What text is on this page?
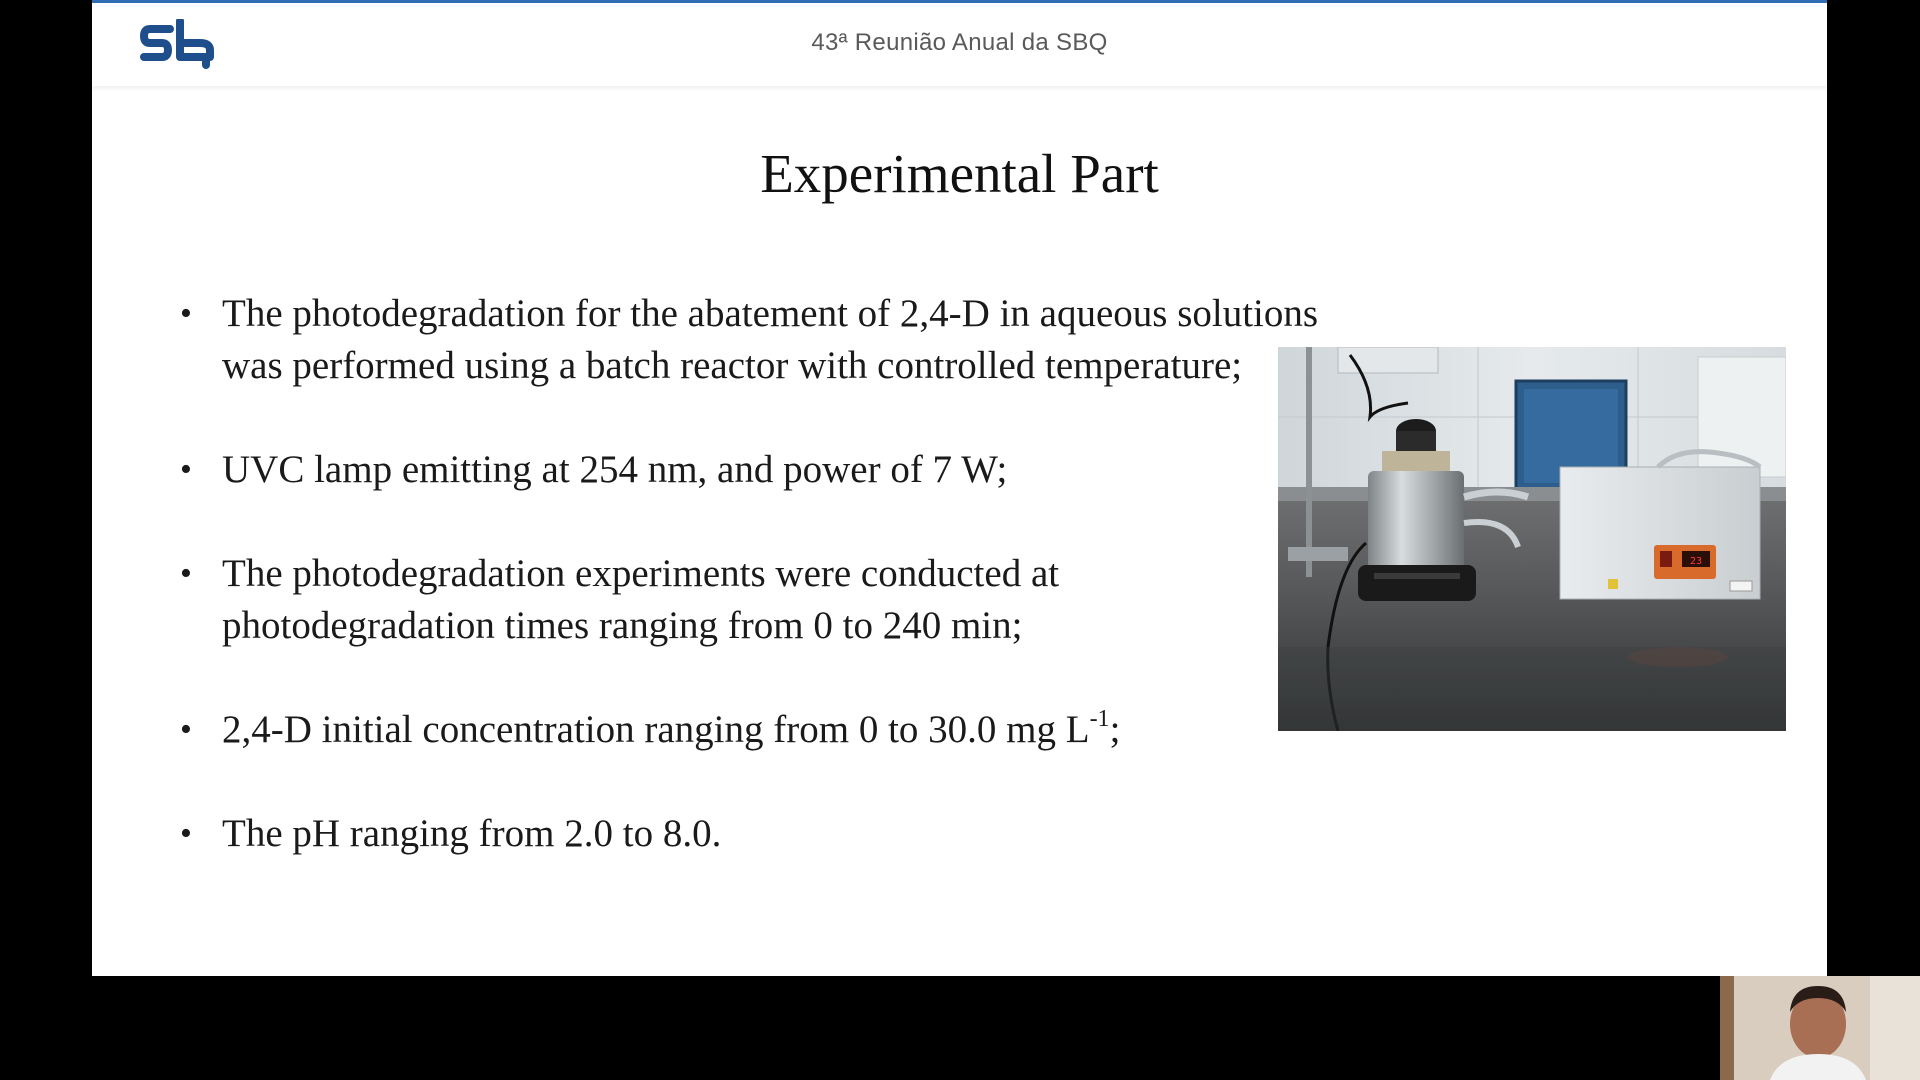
43ª Reunião Anual da SBQ
Experimental Part
• The photodegradation for the abatement of 2,4-D in aqueous solutions was performed using a batch reactor with controlled temperature;
• UVC lamp emitting at 254 nm, and power of 7 W;
• The photodegradation experiments were conducted at photodegradation times ranging from 0 to 240 min;
• 2,4-D initial concentration ranging from 0 to 30.0 mg $L^{-1}$;
• The pH ranging from 2.0 to 8.0.
23
